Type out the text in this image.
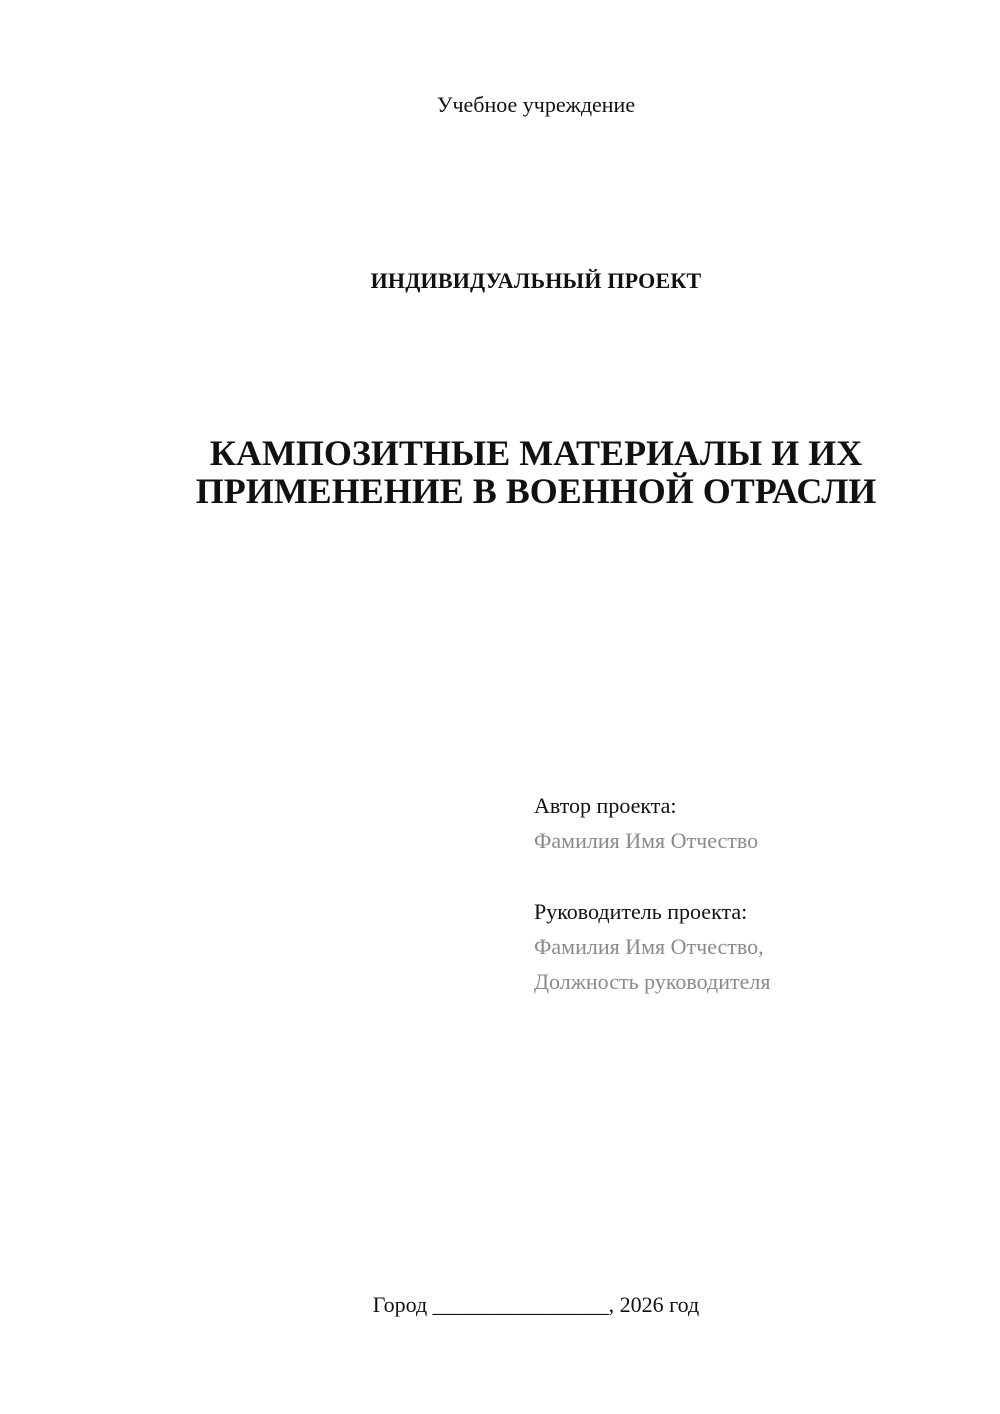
Учебное учреждение
ИНДИВИДУАЛЬНЫЙ ПРОЕКТ
КАМПОЗИТНЫЕ МАТЕРИАЛЫ И ИХ
ПРИМЕНЕНИЕ В ВОЕННОЙ ОТРАСЛИ
Автор проекта:
Фамилия Имя Отчество
Руководитель проекта:
Фамилия Имя Отчество,
Должность руководителя
Город ________________, 2026 год
